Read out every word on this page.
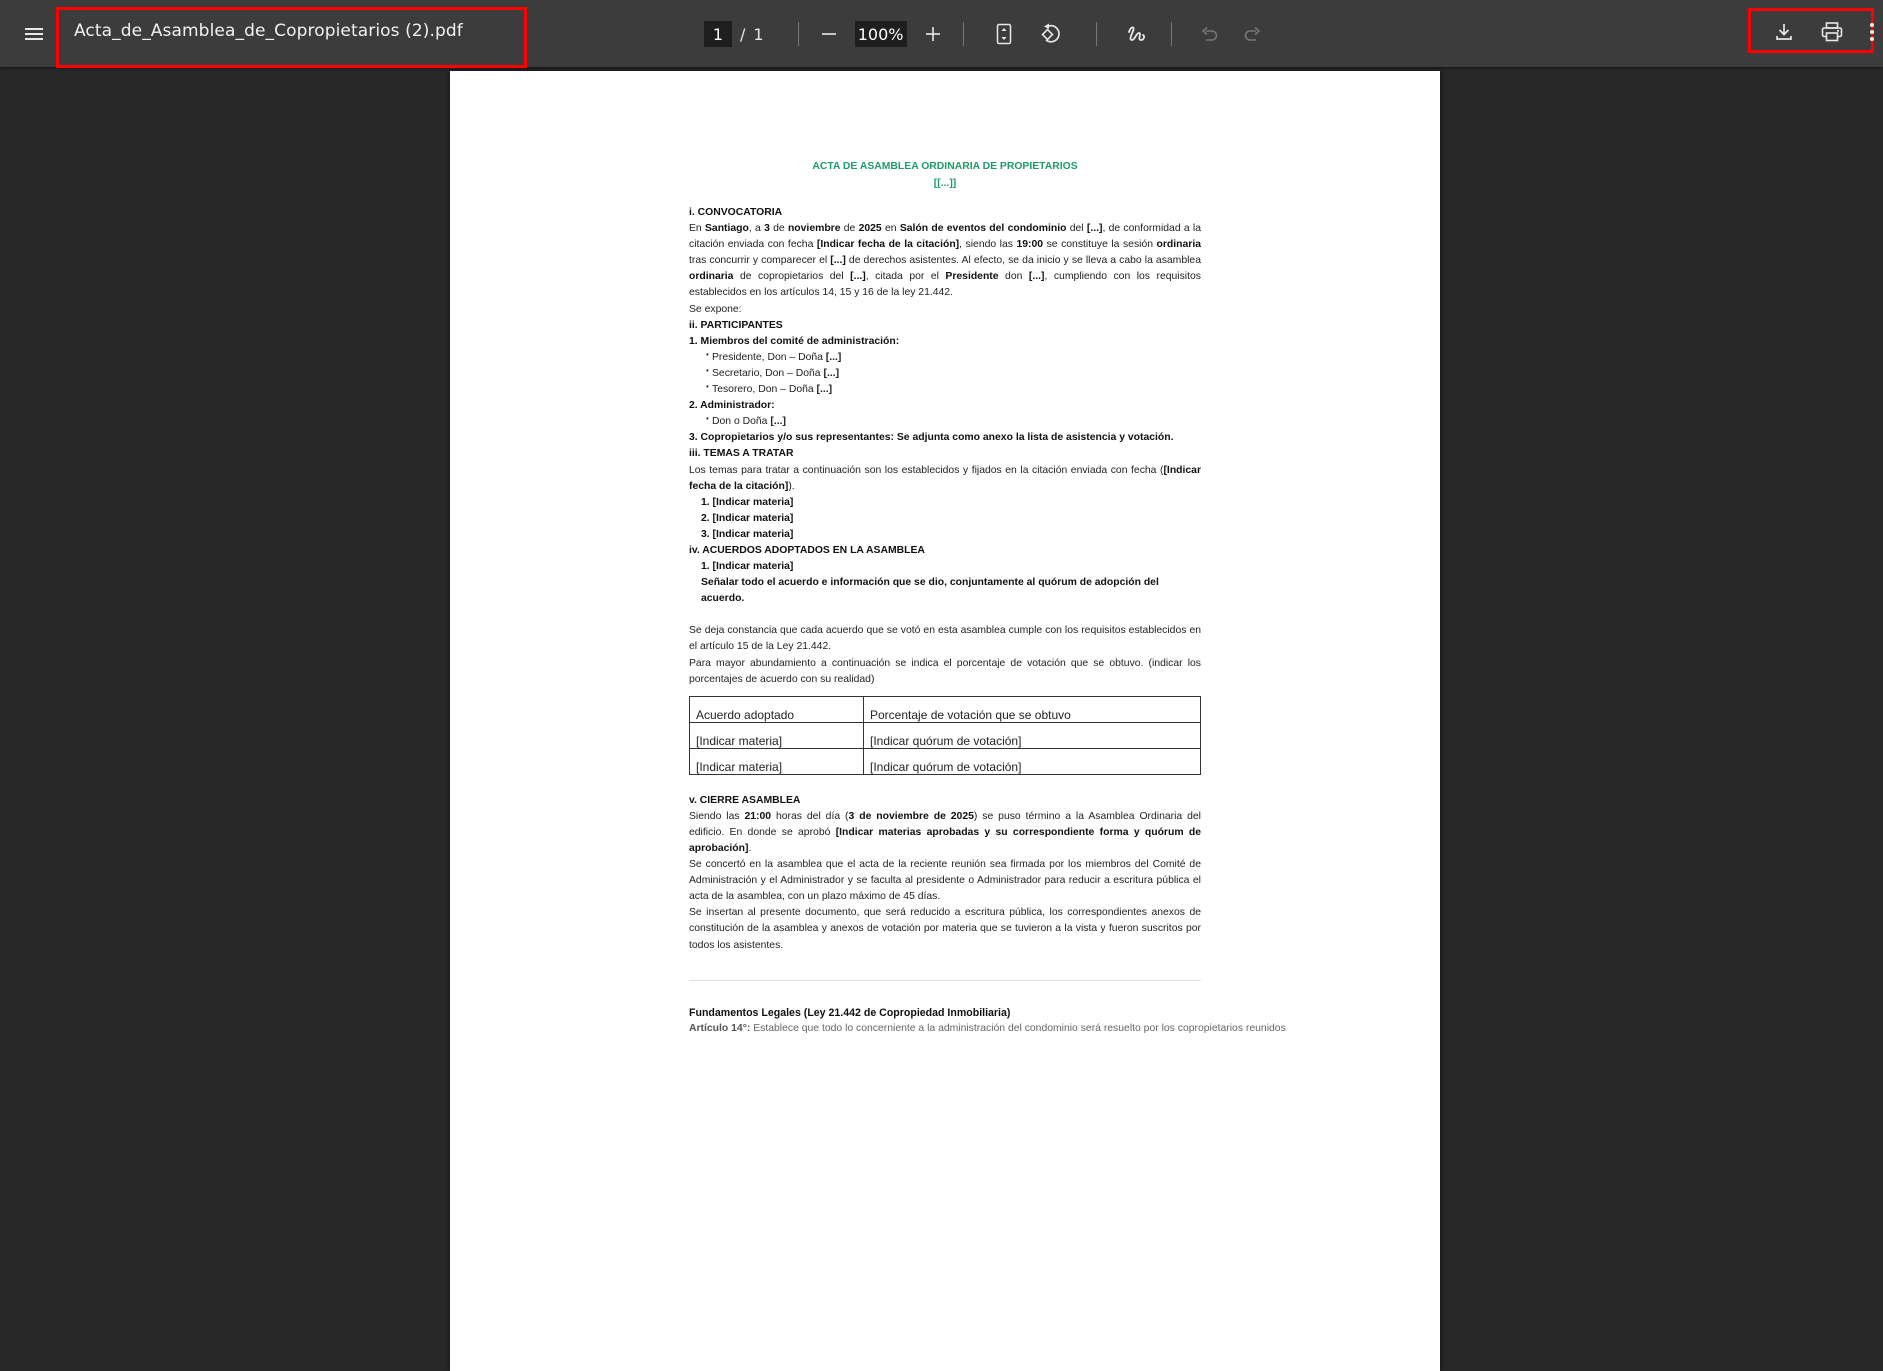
Acta_de_Asamblea_de_Copropietarios (2).pdf	1	/ 1	100%
ACTA DE ASAMBLEA ORDINARIA DE PROPIETARIOS
[[...]]
i. CONVOCATORIA
En Santiago, a 3 de noviembre de 2025 en Salón de eventos del condominio del [...], de conformidad a la citación enviada con fecha [Indicar fecha de la citación], siendo las 19:00 se constituye la sesión ordinaria tras concurrir y comparecer el [...] de derechos asistentes. Al efecto, se da inicio y se lleva a cabo la asamblea ordinaria de copropietarios del [...], citada por el Presidente don [...], cumpliendo con los requisitos establecidos en los artículos 14, 15 y 16 de la ley 21.442.
Se expone:
ii. PARTICIPANTES
1. Miembros del comité de administración:
• Presidente, Don – Doña [...]
• Secretario, Don – Doña [...]
• Tesorero, Don – Doña [...]
2. Administrador:
• Don o Doña [...]
3. Copropietarios y/o sus representantes: Se adjunta como anexo la lista de asistencia y votación.
iii. TEMAS A TRATAR
Los temas para tratar a continuación son los establecidos y fijados en la citación enviada con fecha ([Indicar fecha de la citación]).
1. [Indicar materia]
2. [Indicar materia]
3. [Indicar materia]
iv. ACUERDOS ADOPTADOS EN LA ASAMBLEA
1. [Indicar materia]
Señalar todo el acuerdo e información que se dio, conjuntamente al quórum de adopción del acuerdo.
Se deja constancia que cada acuerdo que se votó en esta asamblea cumple con los requisitos establecidos en el artículo 15 de la Ley 21.442.
Para mayor abundamiento a continuación se indica el porcentaje de votación que se obtuvo. (indicar los porcentajes de acuerdo con su realidad)
Acuerdo adoptado	Porcentaje de votación que se obtuvo
[Indicar materia]	[Indicar quórum de votación]
[Indicar materia]	[Indicar quórum de votación]
v. CIERRE ASAMBLEA
Siendo las 21:00 horas del día (3 de noviembre de 2025) se puso término a la Asamblea Ordinaria del edificio. En donde se aprobó [Indicar materias aprobadas y su correspondiente forma y quórum de aprobación].
Se concertó en la asamblea que el acta de la reciente reunión sea firmada por los miembros del Comité de Administración y el Administrador y se faculta al presidente o Administrador para reducir a escritura pública el acta de la asamblea, con un plazo máximo de 45 días.
Se insertan al presente documento, que será reducido a escritura pública, los correspondientes anexos de constitución de la asamblea y anexos de votación por materia que se tuvieron a la vista y fueron suscritos por todos los asistentes.
Fundamentos Legales (Ley 21.442 de Copropiedad Inmobiliaria)
Artículo 14°: Establece que todo lo concerniente a la administración del condominio será resuelto por los copropietarios reunidos
